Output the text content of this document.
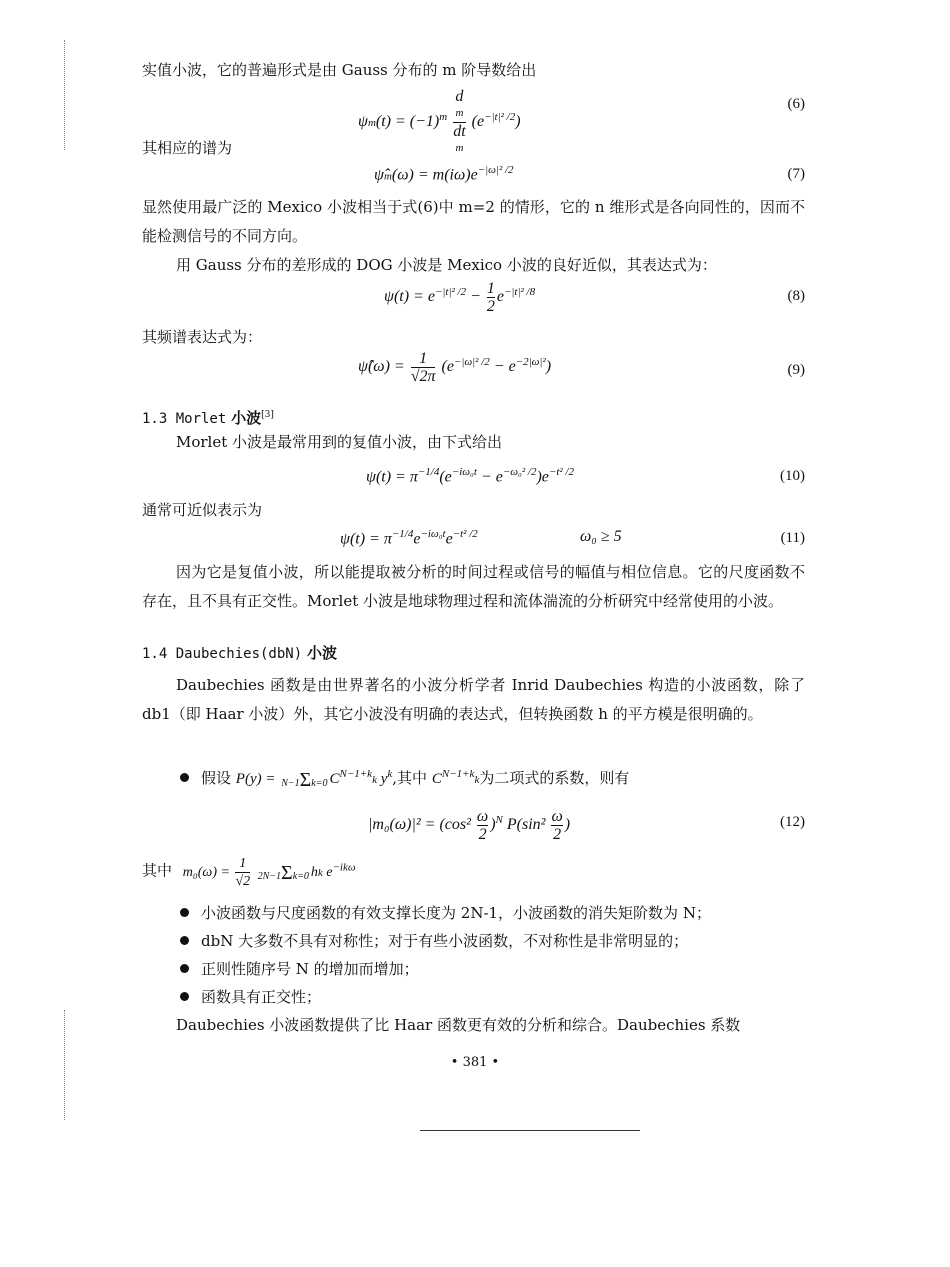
实值小波，它的普遍形式是由 Gauss 分布的 m 阶导数给出
$\psi m(t) = (-1)^m$ d
m
dt
m $(e^{-|t|^2 /2})$
(6)
其相应的谱为
ψ̂m(ω) = $m(i\omega)e^{-|\omega|^2 /2}$	(7)
显然使用最广泛的 Mexico 小波相当于式(6)中 m=2 的情形，它的 n 维形式是各向同性的，因而不能检测信号的不同方向。
用 Gauss 分布的差形成的 DOG 小波是 Mexico 小波的良好近似，其表达式为：
$\psi(t) = e^{-|t|^2 /2} - \frac{1}{2} e^{-|t|^2 /8}$	(8)
其频谱表达式为：
ψ̂(ω) = $\frac{1}{√2\pi} (e^{-|\omega|^2 /2} - e^{-2|\omega|^2})$	(9)
1.3 Morlet 小波[3]
Morlet 小波是最常用到的复值小波，由下式给出
$\psi(t) = \pi^{-1/4}(e^{-i\omega_0t} - e^{-\omega_0^2 /2})e^{-t^2 /2}$	(10)
通常可近似表示为
$\psi(t) = \pi^{-1/4}e^{-i\omega_0t}e^{-t^2 /2}$	ω₀ ≥ 5	(11)
因为它是复值小波，所以能提取被分析的时间过程或信号的幅值与相位信息。它的尺度函数不存在，且不具有正交性。Morlet 小波是地球物理过程和流体湍流的分析研究中经常使用的小波。
1.4 Daubechies(dbN) 小波
Daubechies 函数是由世界著名的小波分析学者 Inrid Daubechies 构造的小波函数，除了 db1（即 Haar 小波）外，其它小波没有明确的表达式，但转换函数 h 的平方模是很明确的。
假设 P(y) = N−1Σk=0 $C^{N-1+k}k$ $y^k$,其中 $C^{N-1+k}k$为二项式的系数，则有
$|m_0(\omega)|^2 = (\cos^2 \frac{\omega}{2} )^N$ $P(\sin^2 \frac{\omega}{2}$ )	(12)
其中 $m_0(\omega) = \frac{1}{√2} 2N-1\Sigma k=0$ hk $e^{-ik\omega}$
小波函数与尺度函数的有效支撑长度为 2N-1，小波函数的消失矩阶数为 N；
dbN 大多数不具有对称性；对于有些小波函数，不对称性是非常明显的；
正则性随序号 N 的增加而增加；
函数具有正交性；
Daubechies 小波函数提供了比 Haar 函数更有效的分析和综合。Daubechies 系数
• 381 •
